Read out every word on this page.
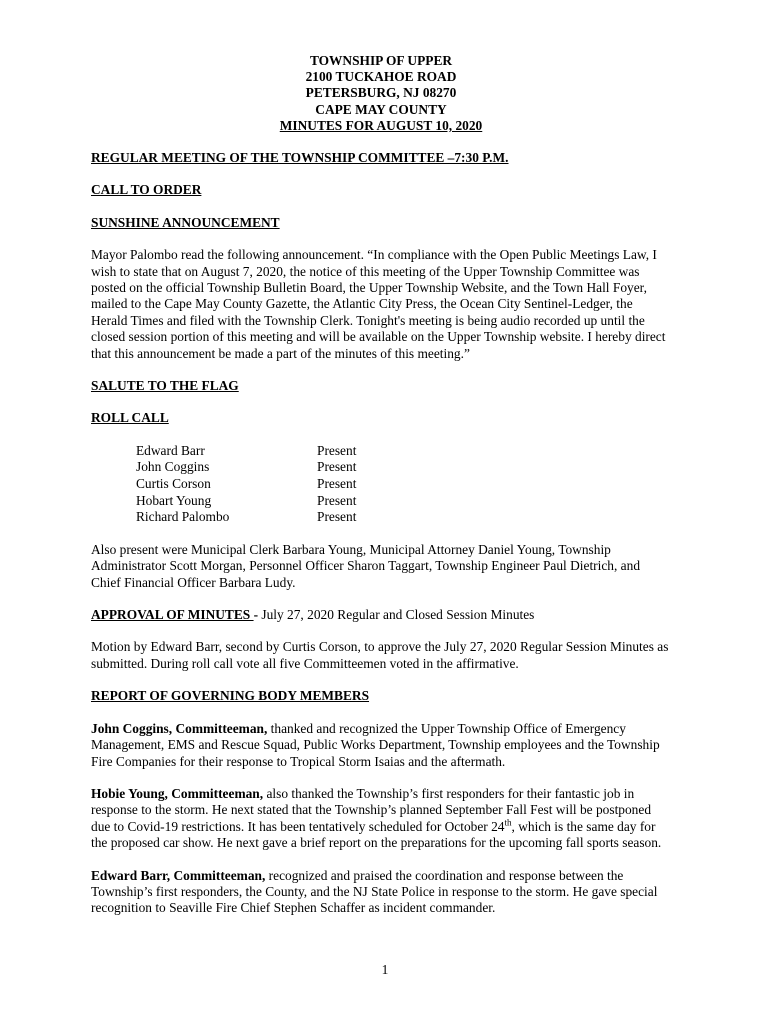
TOWNSHIP OF UPPER
2100 TUCKAHOE ROAD
PETERSBURG, NJ 08270
CAPE MAY COUNTY
MINUTES FOR AUGUST 10, 2020
REGULAR MEETING OF THE TOWNSHIP COMMITTEE –7:30 P.M.
CALL TO ORDER
SUNSHINE ANNOUNCEMENT

Mayor Palombo read the following announcement. “In compliance with the Open Public Meetings Law, I wish to state that on August 7, 2020, the notice of this meeting of the Upper Township Committee was posted on the official Township Bulletin Board, the Upper Township Website, and the Town Hall Foyer, mailed to the Cape May County Gazette, the Atlantic City Press, the Ocean City Sentinel-Ledger, the Herald Times and filed with the Township Clerk. Tonight's meeting is being audio recorded up until the closed session portion of this meeting and will be available on the Upper Township website. I hereby direct that this announcement be made a part of the minutes of this meeting.”

SALUTE TO THE FLAG
ROLL CALL
Edward Barr	Present
John Coggins	Present
Curtis Corson	Present
Hobart Young	Present
Richard Palombo	Present

Also present were Municipal Clerk Barbara Young, Municipal Attorney Daniel Young, Township Administrator Scott Morgan, Personnel Officer Sharon Taggart, Township Engineer Paul Dietrich, and Chief Financial Officer Barbara Ludy.

APPROVAL OF MINUTES - July 27, 2020 Regular and Closed Session Minutes

Motion by Edward Barr, second by Curtis Corson, to approve the July 27, 2020 Regular Session Minutes as submitted. During roll call vote all five Committeemen voted in the affirmative.

REPORT OF GOVERNING BODY MEMBERS

John Coggins, Committeeman, thanked and recognized the Upper Township Office of Emergency Management, EMS and Rescue Squad, Public Works Department, Township employees and the Township Fire Companies for their response to Tropical Storm Isaias and the aftermath.

Hobie Young, Committeeman, also thanked the Township’s first responders for their fantastic job in response to the storm. He next stated that the Township’s planned September Fall Fest will be postponed due to Covid-19 restrictions. It has been tentatively scheduled for October 24th, which is the same day for the proposed car show. He next gave a brief report on the preparations for the upcoming fall sports season.

Edward Barr, Committeeman, recognized and praised the coordination and response between the Township’s first responders, the County, and the NJ State Police in response to the storm. He gave special recognition to Seaville Fire Chief Stephen Schaffer as incident commander.

1
